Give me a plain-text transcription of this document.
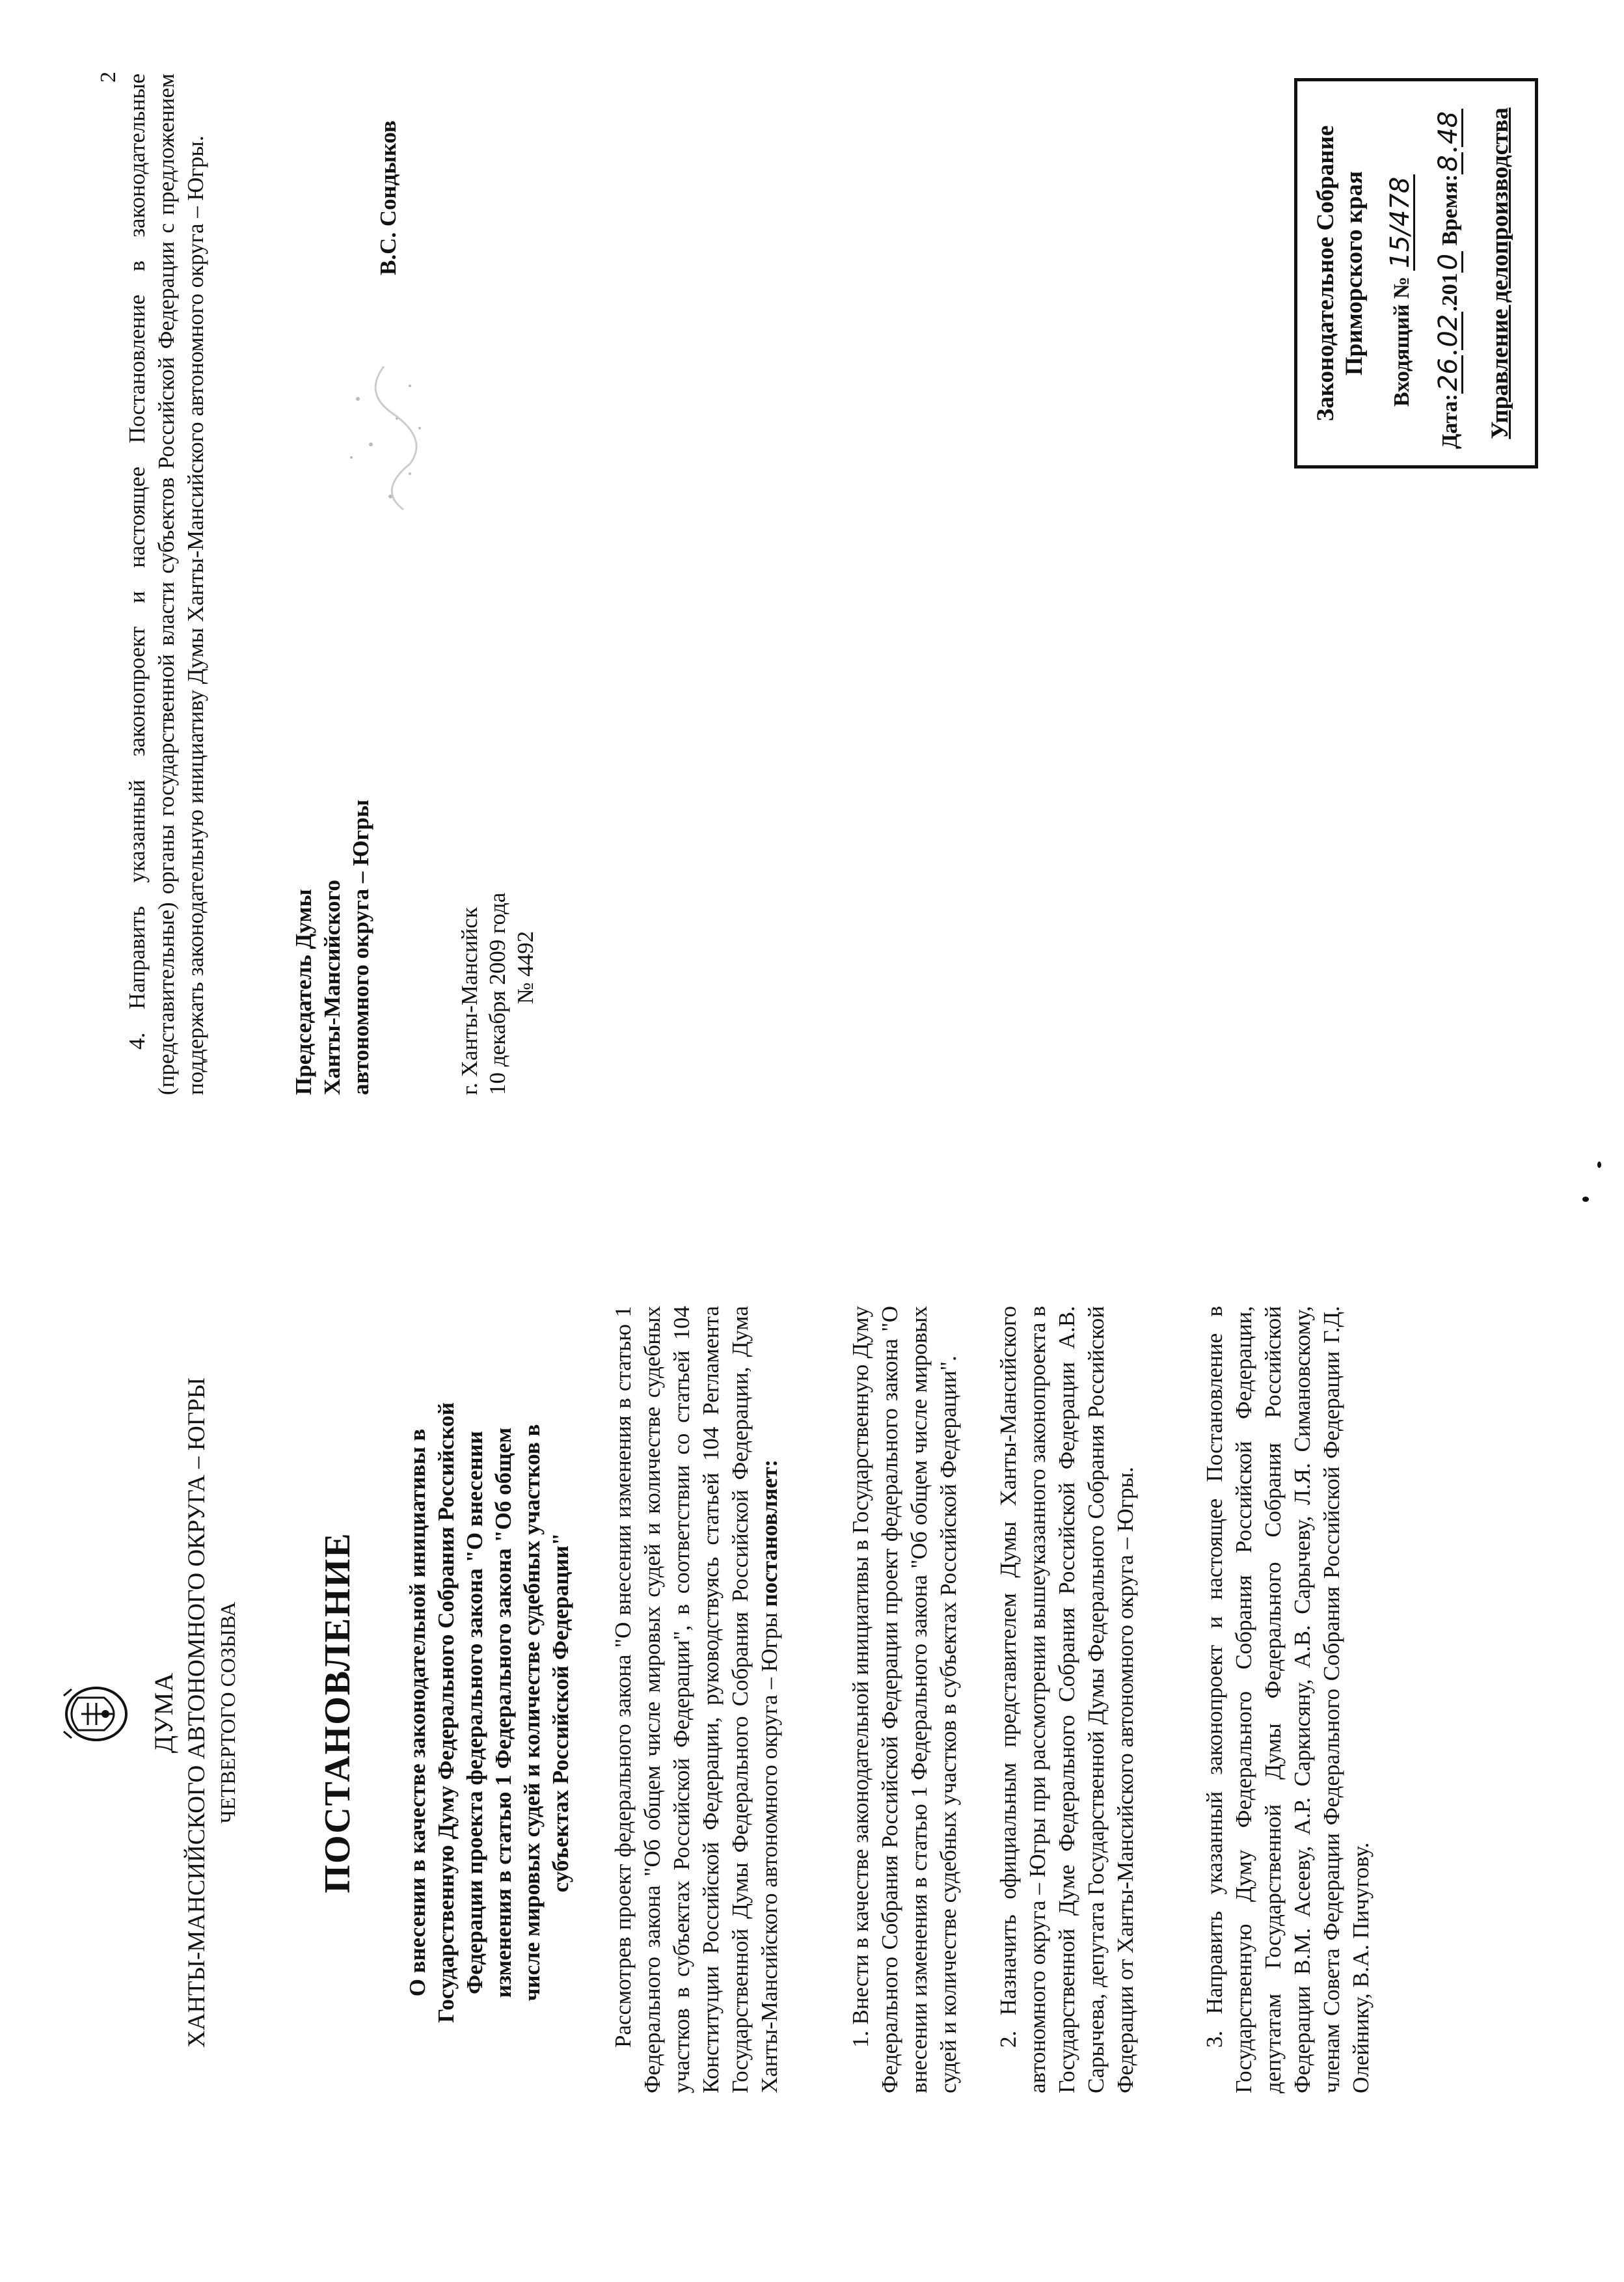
ДУМА ХАНТЫ-МАНСИЙСКОГО АВТОНОМНОГО ОКРУГА – ЮГРЫ ЧЕТВЕРТОГО СОЗЫВА ПОСТАНОВЛЕНИЕ О внесении в качестве законодательной инициативы в Государственную Думу Федерального Собрания Российской Федерации проекта федерального закона "О внесении изменения в статью 1 Федерального закона "Об общем числе мировых судей и количестве судебных участков в субъектах Российской Федерации" Рассмотрев проект федерального закона "О внесении изменения в статью 1 Федерального закона "Об общем числе мировых судей и количестве судебных участков в субъектах Российской Федерации", в соответствии со статьей 104 Конституции Российской Федерации, руководствуясь статьей 104 Регламента Государственной Думы Федерального Собрания Российской Федерации, Дума Ханты-Мансийского автономного округа – Югры постановляет:	1. Внести в качестве законодательной инициативы в Государственную Думу Федерального Собрания Российской Федерации проект федерального закона "О внесении изменения в статью 1 Федерального закона "Об общем числе мировых судей и количестве судебных участков в субъектах Российской Федерации". 2. Назначить официальным представителем Думы Ханты-Мансийского автономного округа – Югры при рассмотрении вышеуказанного законопроекта в Государственной Думе Федерального Собрания Российской Федерации А.В. Сарычева, депутата Государственной Думы Федерального Собрания Российской Федерации от Ханты-Мансийского автономного округа – Югры.	3. Направить указанный законопроект и настоящее Постановление в Государственную Думу Федерального Собрания Российской Федерации, депутатам Государственной Думы Федерального Собрания Российской Федерации В.М. Асееву, А.Р. Саркисяну, А.В. Сарычеву, Л.Я. Симановскому, членам Совета Федерации Федерального Собрания Российской Федерации Г.Д. Олейнику, В.А. Пичугову.

2 4. Направить указанный законопроект и настоящее Постановление в законодательные (представительные) органы государственной власти субъектов Российской Федерации с предложением поддержать законодательную инициативу Думы Ханты-Мансийского автономного округа – Югры.	Председатель Думы Ханты-Мансийского автономного округа – Югры
В.С. Сондыков
г. Ханты-Мансийск 10 декабря 2009 года № 4492
Законодательное Собрание Приморского края Входящий № 15/478
Дата:26.02.2010 Время:8.48 Управление делопроизводства
